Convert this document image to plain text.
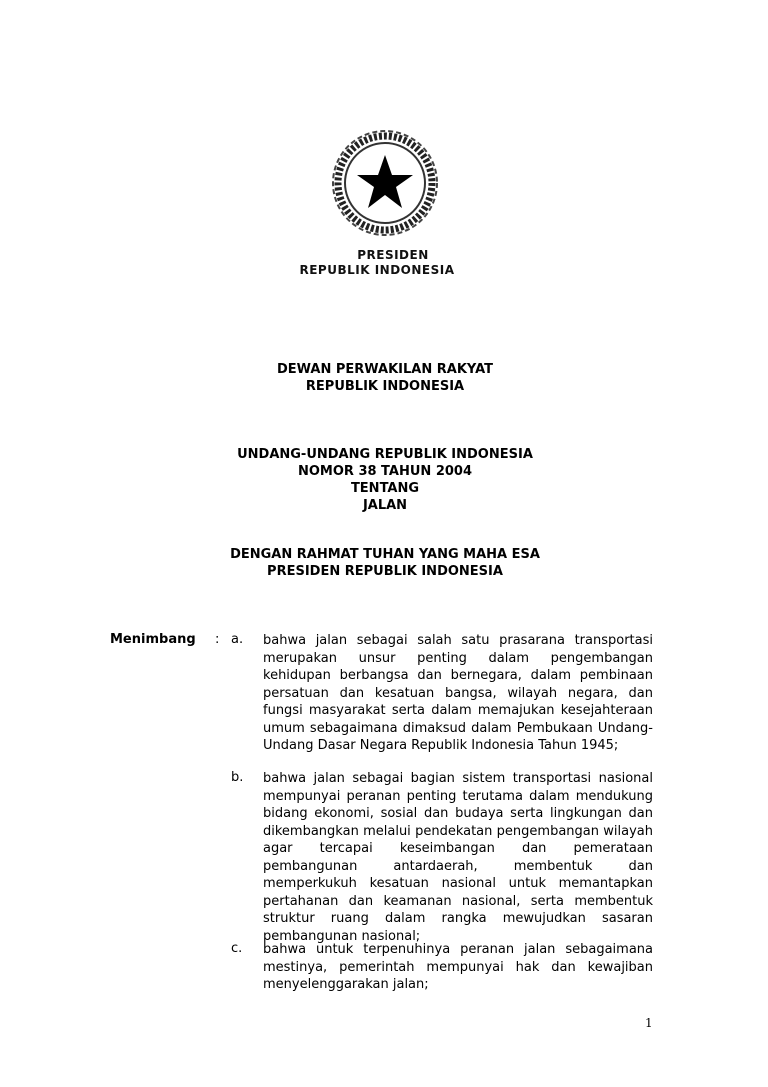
PRESIDEN
REPUBLIK INDONESIA
DEWAN PERWAKILAN RAKYAT
REPUBLIK INDONESIA
UNDANG-UNDANG REPUBLIK INDONESIA
NOMOR 38 TAHUN 2004
TENTANG
JALAN
DENGAN RAHMAT TUHAN YANG MAHA ESA
PRESIDEN REPUBLIK INDONESIA
Menimbang : a. bahwa jalan sebagai salah satu prasarana transportasi merupakan unsur penting dalam pengembangan kehidupan berbangsa dan bernegara, dalam pembinaan persatuan dan kesatuan bangsa, wilayah negara, dan fungsi masyarakat serta dalam memajukan kesejahteraan umum sebagaimana dimaksud dalam Pembukaan Undang-Undang Dasar Negara Republik Indonesia Tahun 1945;
b. bahwa jalan sebagai bagian sistem transportasi nasional mempunyai peranan penting terutama dalam mendukung bidang ekonomi, sosial dan budaya serta lingkungan dan dikembangkan melalui pendekatan pengembangan wilayah agar tercapai keseimbangan dan pemerataan pembangunan antardaerah, membentuk dan memperkukuh kesatuan nasional untuk memantapkan pertahanan dan keamanan nasional, serta membentuk struktur ruang dalam rangka mewujudkan sasaran pembangunan nasional;
c. bahwa untuk terpenuhinya peranan jalan sebagaimana mestinya, pemerintah mempunyai hak dan kewajiban menyelenggarakan jalan;
1
